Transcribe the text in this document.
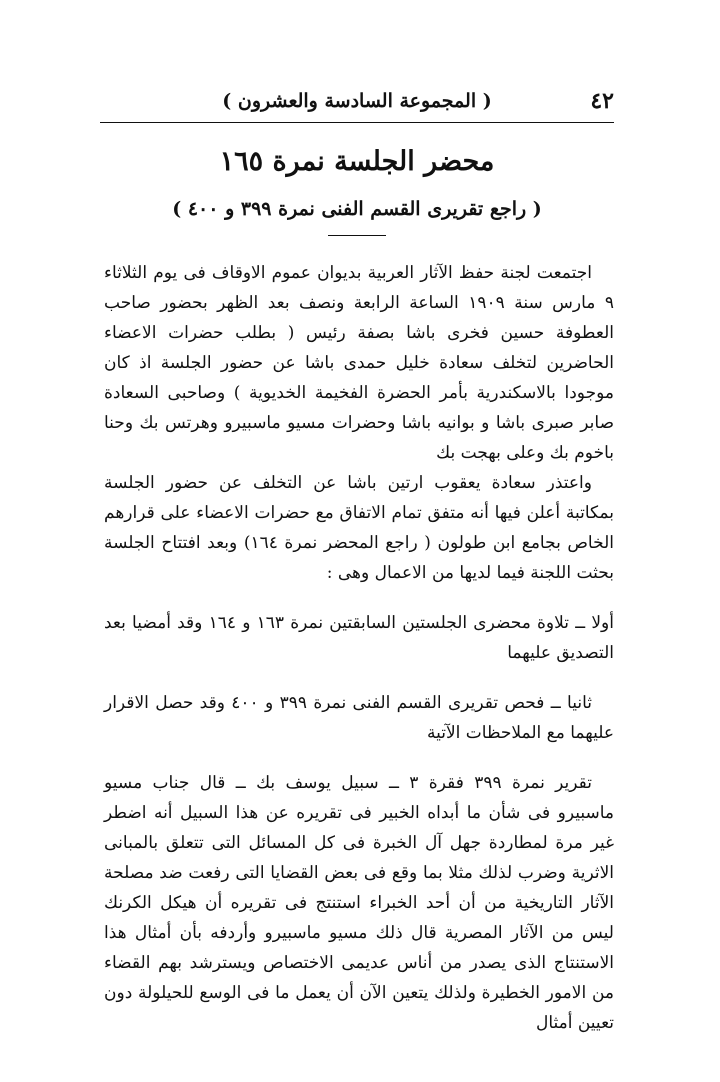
٤٢
( المجموعة السادسة والعشرون )
محضر الجلسة نمرة ١٦٥
( راجع تقريرى القسم الفنى نمرة ٣٩٩ و ٤٠٠ )

اجتمعت لجنة حفظ الآثار العربية بديوان عموم الاوقاف فى يوم الثلاثاء ٩ مارس سنة ١٩٠٩ الساعة الرابعة ونصف بعد الظهر بحضور صاحب العطوفة حسين فخرى باشا بصفة رئيس ( بطلب حضرات الاعضاء الحاضرين لتخلف سعادة خليل حمدى باشا عن حضور الجلسة اذ كان موجودا بالاسكندرية بأمر الحضرة الفخيمة الخديوية ) وصاحبى السعادة صابر صبرى باشا و بوانيه باشا وحضرات مسيو ماسبيرو وهرتس بك وحنا باخوم بك وعلى بهجت بك

واعتذر سعادة يعقوب ارتين باشا عن التخلف عن حضور الجلسة بمكاتبة أعلن فيها أنه متفق تمام الاتفاق مع حضرات الاعضاء على قرارهم الخاص بجامع ابن طولون ( راجع المحضر نمرة ١٦٤) وبعد افتتاح الجلسة بحثت اللجنة فيما لديها من الاعمال وهى :

أولا ــ تلاوة محضرى الجلستين السابقتين نمرة ١٦٣ و ١٦٤ وقد أمضيا بعد التصديق عليهما

ثانيا ــ فحص تقريرى القسم الفنى نمرة ٣٩٩ و ٤٠٠ وقد حصل الاقرار عليهما مع الملاحظات الآتية

تقرير نمرة ٣٩٩ فقرة ٣ ــ سبيل يوسف بك ــ قال جناب مسيو ماسبيرو فى شأن ما أبداه الخبير فى تقريره عن هذا السبيل أنه اضطر غير مرة لمطاردة جهل آل الخبرة فى كل المسائل التى تتعلق بالمبانى الاثرية وضرب لذلك مثلا بما وقع فى بعض القضايا التى رفعت ضد مصلحة الآثار التاريخية من أن أحد الخبراء استنتج فى تقريره أن هيكل الكرنك ليس من الآثار المصرية قال ذلك مسيو ماسبيرو وأردفه بأن أمثال هذا الاستنتاج الذى يصدر من أناس عديمى الاختصاص ويسترشد بهم القضاء من الامور الخطيرة ولذلك يتعين الآن أن يعمل ما فى الوسع للحيلولة دون تعيين أمثال
